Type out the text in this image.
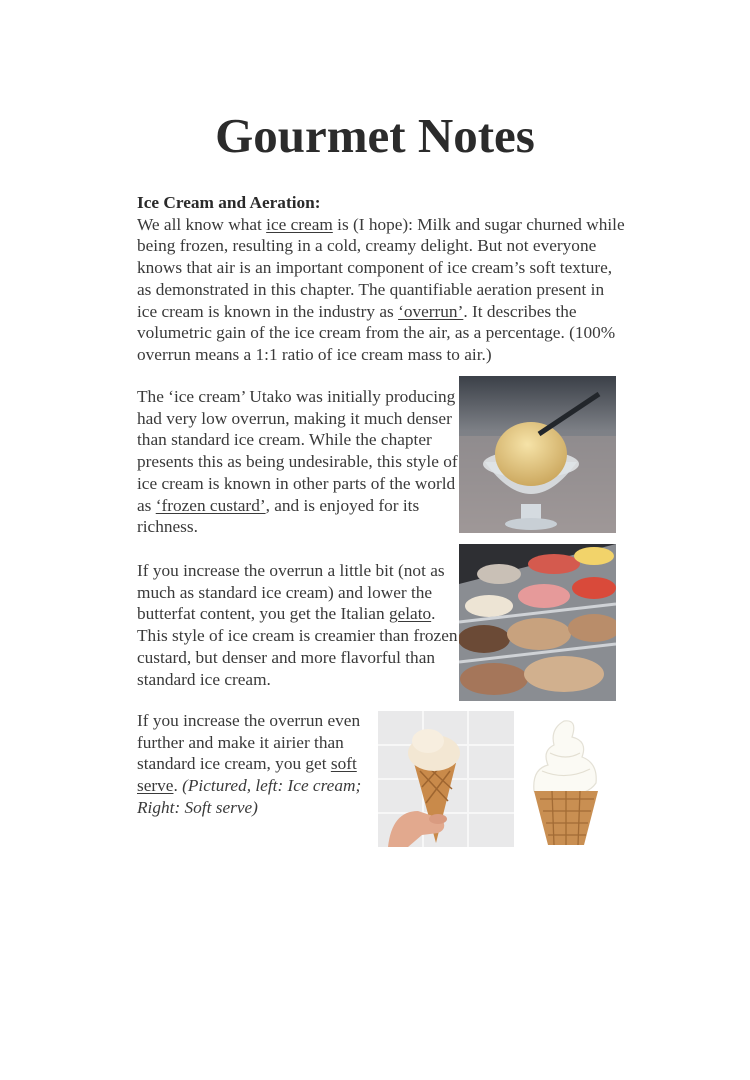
Gourmet Notes

Ice Cream and Aeration:
We all know what ice cream is (I hope): Milk and sugar churned while being frozen, resulting in a cold, creamy delight. But not everyone knows that air is an important component of ice cream’s soft texture, as demonstrated in this chapter. The quantifiable aeration present in ice cream is known in the industry as ‘overrun’. It describes the volumetric gain of the ice cream from the air, as a percentage. (100% overrun means a 1:1 ratio of ice cream mass to air.)

The ‘ice cream’ Utako was initially producing had very low overrun, making it much denser than standard ice cream. While the chapter presents this as being undesirable, this style of ice cream is known in other parts of the world as ‘frozen custard’, and is enjoyed for its richness.

If you increase the overrun a little bit (not as much as standard ice cream) and lower the butterfat content, you get the Italian gelato. This style of ice cream is creamier than frozen custard, but denser and more flavorful than standard ice cream.

If you increase the overrun even further and make it airier than standard ice cream, you get soft serve. (Pictured, left: Ice cream; Right: Soft serve)
